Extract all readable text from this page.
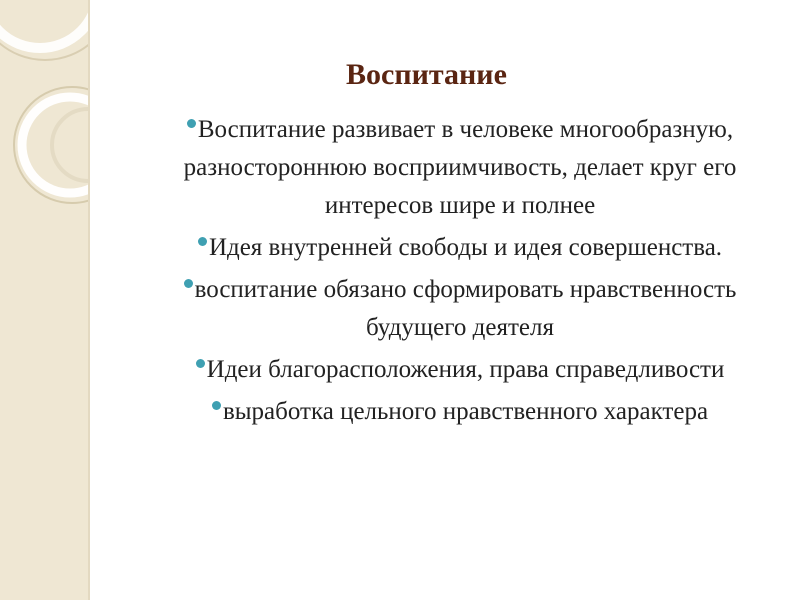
Воспитание
Воспитание развивает в человеке многообразную, разностороннюю восприимчивость, делает круг его интересов шире и полнее
Идея внутренней свободы и идея совершенства.
воспитание обязано сформировать нравственность будущего деятеля
Идеи благорасположения, права справедливости
выработка цельного нравственного характера
